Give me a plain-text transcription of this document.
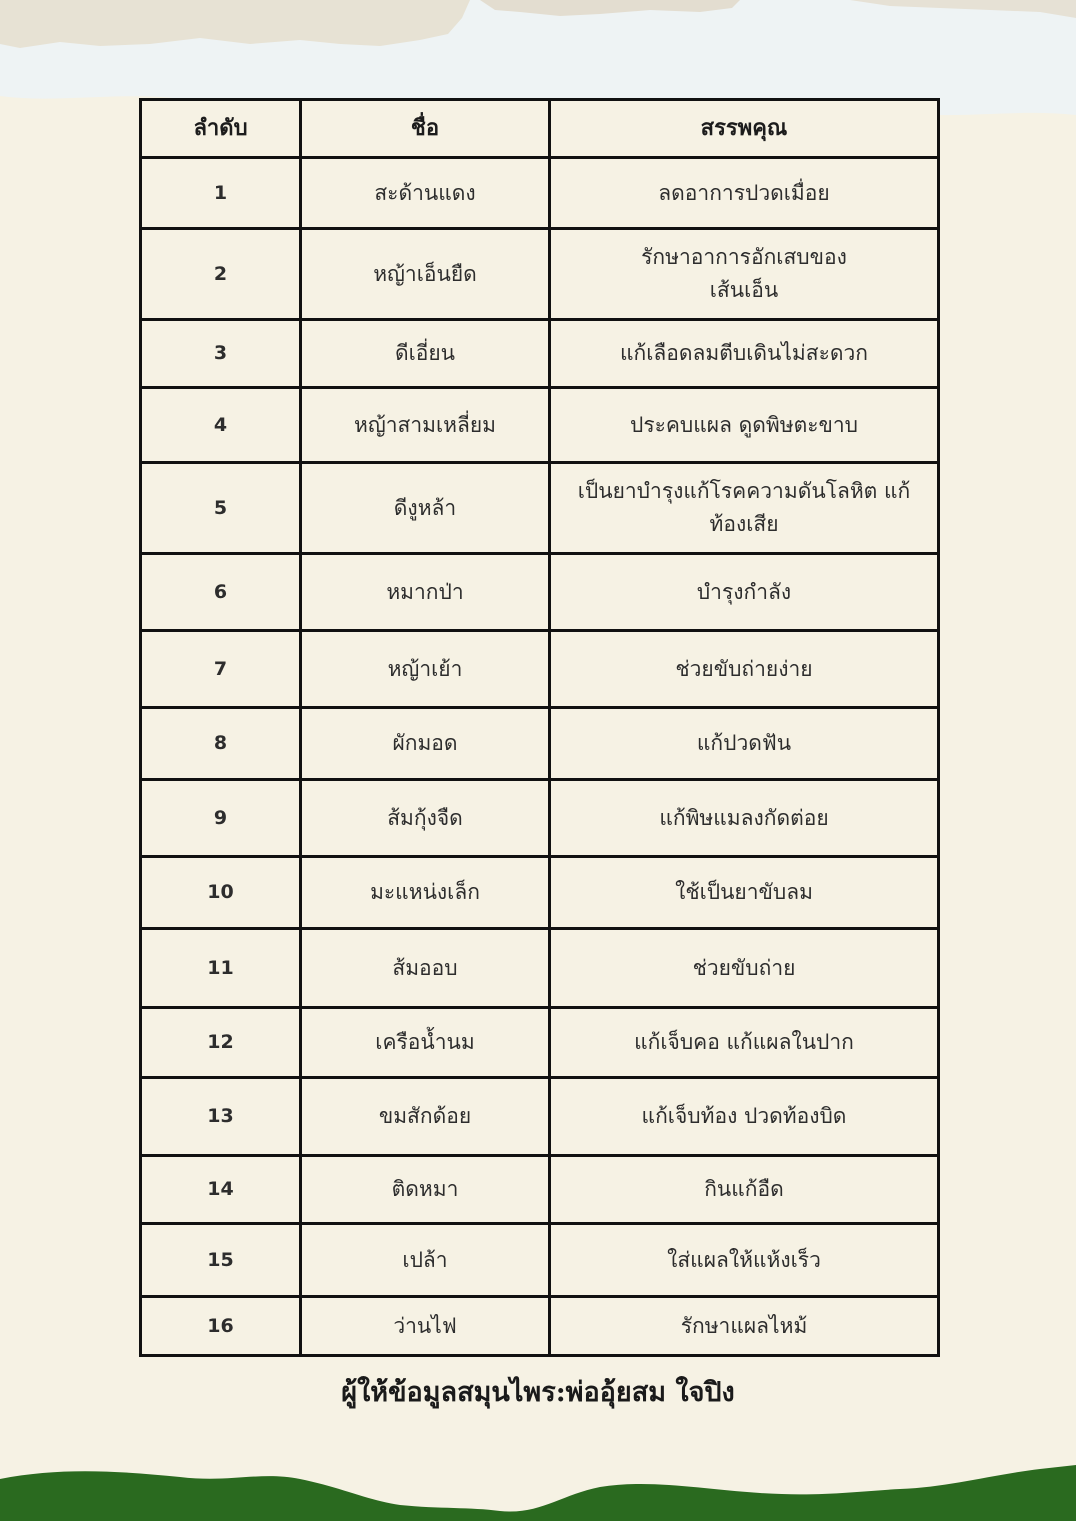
ลำดับ	ชื่อ	สรรพคุณ
1	สะด้านแดง	ลดอาการปวดเมื่อย
2	หญ้าเอ็นยืด	รักษาอาการอักเสบของ เส้นเอ็น
3	ดีเอี่ยน	แก้เลือดลมตีบเดินไม่สะดวก
4	หญ้าสามเหลี่ยม	ประคบแผล ดูดพิษตะขาบ
5	ดีงูหล้า	เป็นยาบำรุงแก้โรคความดันโลหิต แก้ท้องเสีย
6	หมากป่า	บำรุงกำลัง
7	หญ้าเย้า	ช่วยขับถ่ายง่าย
8	ผักมอด	แก้ปวดฟัน
9	ส้มกุ้งจืด	แก้พิษแมลงกัดต่อย
10	มะแหน่งเล็ก	ใช้เป็นยาขับลม
11	ส้มออบ	ช่วยขับถ่าย
12	เครือน้ำนม	แก้เจ็บคอ แก้แผลในปาก
13	ขมสักด้อย	แก้เจ็บท้อง ปวดท้องบิด
14	ติดหมา	กินแก้อืด
15	เปล้า	ใส่แผลให้แห้งเร็ว
16	ว่านไฟ	รักษาแผลไหม้

ผู้ให้ข้อมูลสมุนไพร:พ่ออุ้ยสม ใจปิง
